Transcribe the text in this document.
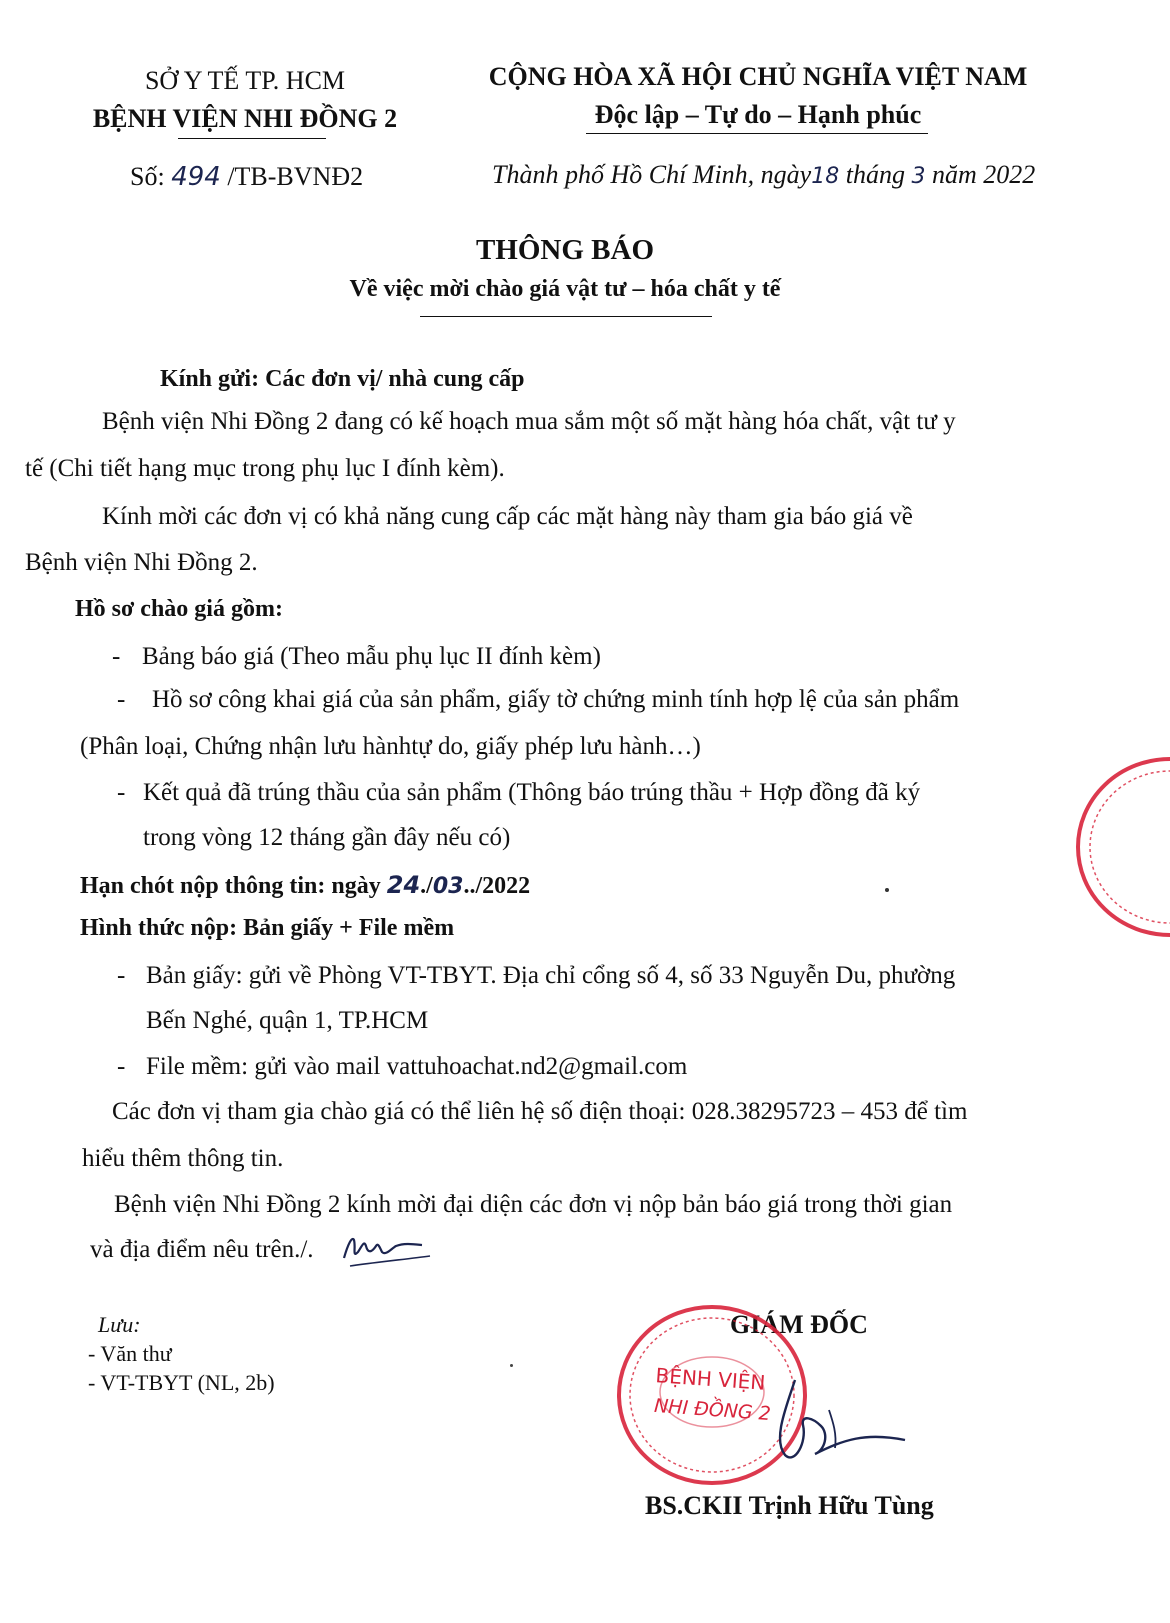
SỞ Y TẾ TP. HCM
BỆNH VIỆN NHI ĐỒNG 2
Số: 494 /TB-BVNĐ2
CỘNG HÒA XÃ HỘI CHỦ NGHĨA VIỆT NAM
Độc lập – Tự do – Hạnh phúc
Thành phố Hồ Chí Minh, ngày18 tháng 3 năm 2022
THÔNG BÁO
Về việc mời chào giá vật tư – hóa chất y tế
Kính gửi: Các đơn vị/ nhà cung cấp
Bệnh viện Nhi Đồng 2 đang có kế hoạch mua sắm một số mặt hàng hóa chất, vật tư y
tế (Chi tiết hạng mục trong phụ lục I đính kèm).
Kính mời các đơn vị có khả năng cung cấp các mặt hàng này tham gia báo giá về
Bệnh viện Nhi Đồng 2.
Hồ sơ chào giá gồm:
- Bảng báo giá (Theo mẫu phụ lục II đính kèm)
- Hồ sơ công khai giá của sản phẩm, giấy tờ chứng minh tính hợp lệ của sản phẩm
(Phân loại, Chứng nhận lưu hànhtự do, giấy phép lưu hành…)
- Kết quả đã trúng thầu của sản phẩm (Thông báo trúng thầu + Hợp đồng đã ký
trong vòng 12 tháng gần đây nếu có)
Hạn chót nộp thông tin: ngày 24./03../2022
Hình thức nộp: Bản giấy + File mềm
- Bản giấy: gửi về Phòng VT-TBYT. Địa chỉ cổng số 4, số 33 Nguyễn Du, phường
Bến Nghé, quận 1, TP.HCM
- File mềm: gửi vào mail vattuhoachat.nd2@gmail.com
Các đơn vị tham gia chào giá có thể liên hệ số điện thoại: 028.38295723 – 453 để tìm
hiểu thêm thông tin.
Bệnh viện Nhi Đồng 2 kính mời đại diện các đơn vị nộp bản báo giá trong thời gian
và địa điểm nêu trên./.
Lưu:
- Văn thư
- VT-TBYT (NL, 2b)
GIÁM ĐỐC
BỆNH VIỆN
NHI ĐỒNG 2
BS.CKII Trịnh Hữu Tùng
